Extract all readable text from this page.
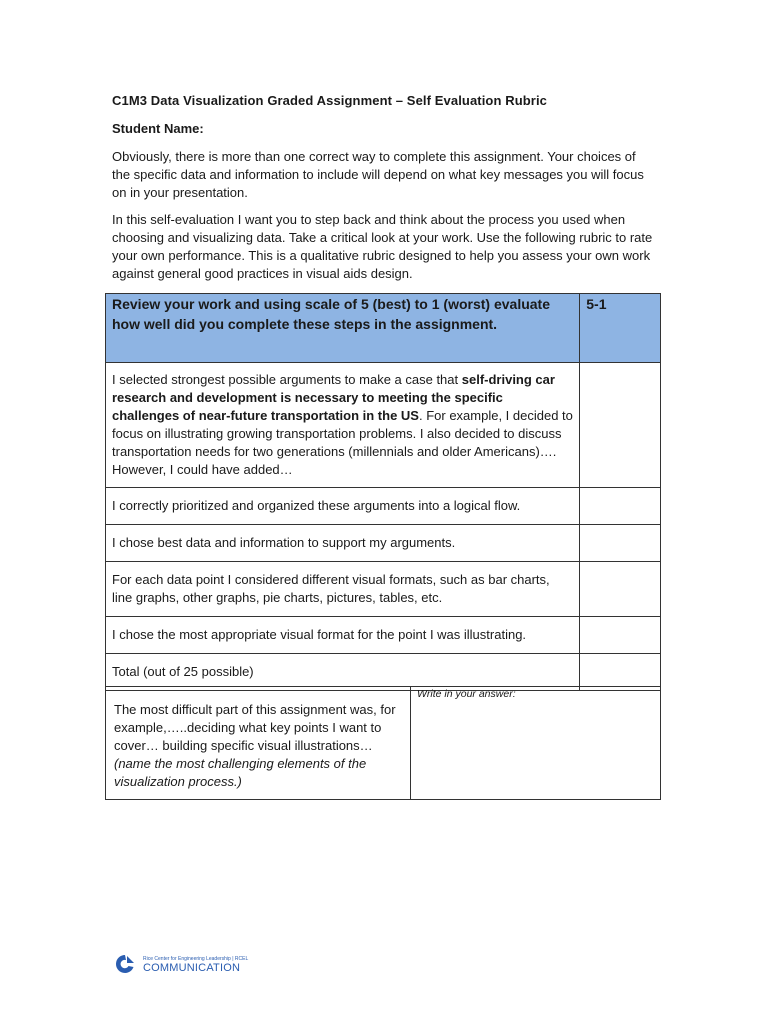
C1M3 Data Visualization Graded Assignment – Self Evaluation Rubric
Student Name:

Obviously, there is more than one correct way to complete this assignment. Your choices of the specific data and information to include will depend on what key messages you will focus on in your presentation.

In this self-evaluation I want you to step back and think about the process you used when choosing and visualizing data. Take a critical look at your work. Use the following rubric to rate your own performance. This is a qualitative rubric designed to help you assess your own work against general good practices in visual aids design.

Review your work and using scale of 5 (best) to 1 (worst) evaluate how well did you complete these steps in the assignment.	5-1
I selected strongest possible arguments to make a case that self-driving car research and development is necessary to meeting the specific challenges of near-future transportation in the US. For example, I decided to focus on illustrating growing transportation problems. I also decided to discuss transportation needs for two generations (millennials and older Americans)…. However, I could have added…	
I correctly prioritized and organized these arguments into a logical flow.	
I chose best data and information to support my arguments.	
For each data point I considered different visual formats, such as bar charts, line graphs, other graphs, pie charts, pictures, tables, etc.	
I chose the most appropriate visual format for the point I was illustrating.	
Total (out of 25 possible)	
The most difficult part of this assignment was, for example,…..deciding what key points I want to cover… building specific visual illustrations… (name the most challenging elements of the visualization process.)	
Write in your answer:
Rice Center for Engineering Leadership | RCEL
COMMUNICATION
